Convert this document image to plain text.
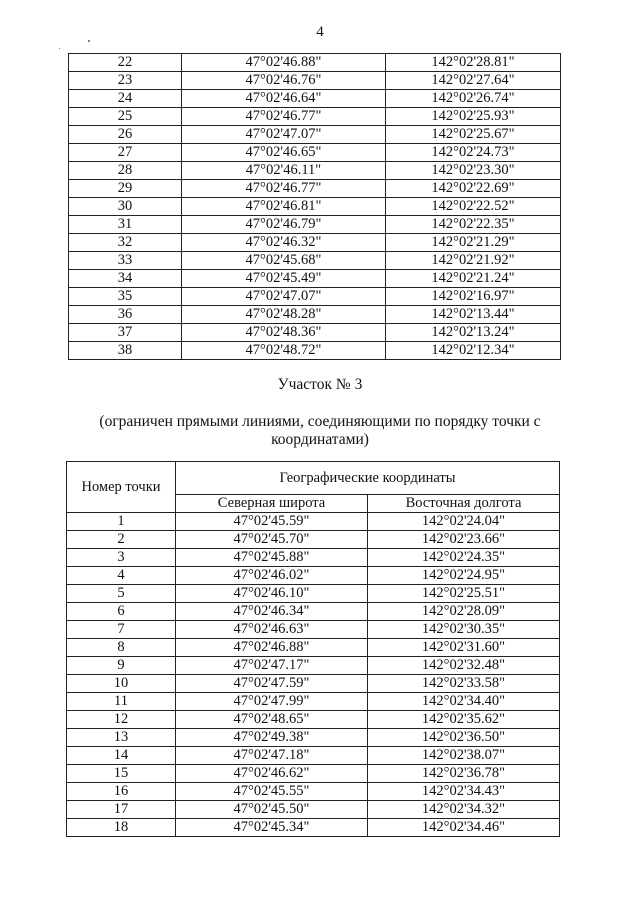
4
22	47°02'46.88"	142°02'28.81"
23	47°02'46.76"	142°02'27.64"
24	47°02'46.64"	142°02'26.74"
25	47°02'46.77"	142°02'25.93"
26	47°02'47.07"	142°02'25.67"
27	47°02'46.65"	142°02'24.73"
28	47°02'46.11"	142°02'23.30"
29	47°02'46.77"	142°02'22.69"
30	47°02'46.81"	142°02'22.52"
31	47°02'46.79"	142°02'22.35"
32	47°02'46.32"	142°02'21.29"
33	47°02'45.68"	142°02'21.92"
34	47°02'45.49"	142°02'21.24"
35	47°02'47.07"	142°02'16.97"
36	47°02'48.28"	142°02'13.44"
37	47°02'48.36"	142°02'13.24"
38	47°02'48.72"	142°02'12.34"
Участок № 3
(ограничен прямыми линиями, соединяющими по порядку точки с координатами)
Номер точки	Географические координаты	
	Северная широта	Восточная долгота
1	47°02'45.59"	142°02'24.04"
2	47°02'45.70"	142°02'23.66"
3	47°02'45.88"	142°02'24.35"
4	47°02'46.02"	142°02'24.95"
5	47°02'46.10"	142°02'25.51"
6	47°02'46.34"	142°02'28.09"
7	47°02'46.63"	142°02'30.35"
8	47°02'46.88"	142°02'31.60"
9	47°02'47.17"	142°02'32.48"
10	47°02'47.59"	142°02'33.58"
11	47°02'47.99"	142°02'34.40"
12	47°02'48.65"	142°02'35.62"
13	47°02'49.38"	142°02'36.50"
14	47°02'47.18"	142°02'38.07"
15	47°02'46.62"	142°02'36.78"
16	47°02'45.55"	142°02'34.43"
17	47°02'45.50"	142°02'34.32"
18	47°02'45.34"	142°02'34.46"
